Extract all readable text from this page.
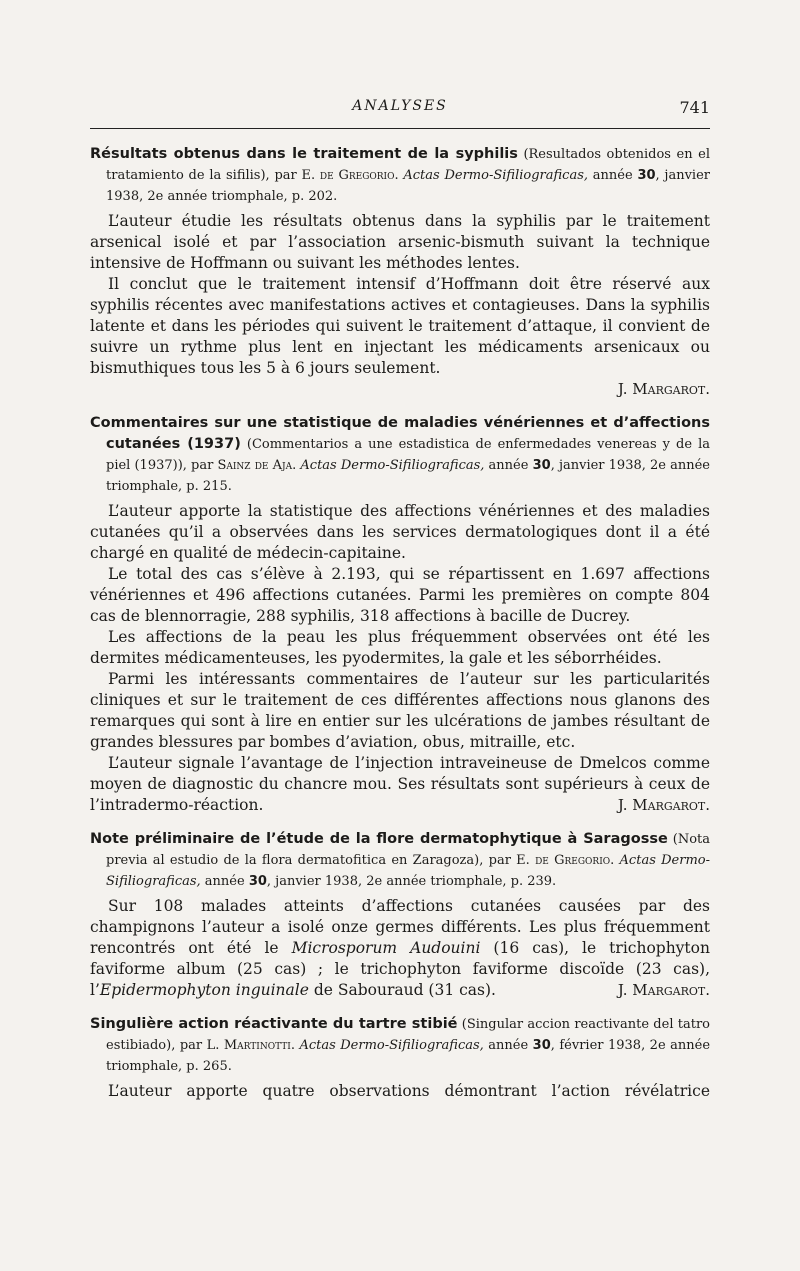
ANALYSES	741

Résultats obtenus dans le traitement de la syphilis (Resultados obtenidos en el tratamiento de la sifilis), par E. de Gregorio. Actas Dermo-Sifiliograficas, année 30, janvier 1938, 2e année triomphale, p. 202.

L’auteur étudie les résultats obtenus dans la syphilis par le traitement arsenical isolé et par l’association arsenic-bismuth suivant la technique intensive de Hoffmann ou suivant les méthodes lentes.

Il conclut que le traitement intensif d’Hoffmann doit être réservé aux syphilis récentes avec manifestations actives et contagieuses. Dans la syphilis latente et dans les périodes qui suivent le traitement d’attaque, il convient de suivre un rythme plus lent en injectant les médicaments arsenicaux ou bismuthiques tous les 5 à 6 jours seulement.

J. Margarot.

Commentaires sur une statistique de maladies vénériennes et d’affections cutanées (1937) (Commentarios a une estadistica de enfermedades venereas y de la piel (1937)), par Sainz de Aja. Actas Dermo-Sifiliograficas, année 30, janvier 1938, 2e année triomphale, p. 215.

L’auteur apporte la statistique des affections vénériennes et des maladies cutanées qu’il a observées dans les services dermatologiques dont il a été chargé en qualité de médecin-capitaine.

Le total des cas s’élève à 2.193, qui se répartissent en 1.697 affections vénériennes et 496 affections cutanées. Parmi les premières on compte 804 cas de blennorragie, 288 syphilis, 318 affections à bacille de Ducrey.

Les affections de la peau les plus fréquemment observées ont été les dermites médicamenteuses, les pyodermites, la gale et les séborrhéides.

Parmi les intéressants commentaires de l’auteur sur les particularités cliniques et sur le traitement de ces différentes affections nous glanons des remarques qui sont à lire en entier sur les ulcérations de jambes résultant de grandes blessures par bombes d’aviation, obus, mitraille, etc.

L’auteur signale l’avantage de l’injection intraveineuse de Dmelcos comme moyen de diagnostic du chancre mou. Ses résultats sont supérieurs à ceux de l’intradermo-réaction.	J. Margarot.

Note préliminaire de l’étude de la flore dermatophytique à Saragosse (Nota previa al estudio de la flora dermatofitica en Zaragoza), par E. de Gregorio. Actas Dermo-Sifiliograficas, année 30, janvier 1938, 2e année triomphale, p. 239.

Sur 108 malades atteints d’affections cutanées causées par des champignons l’auteur a isolé onze germes différents. Les plus fréquemment rencontrés ont été le Microsporum Audouini (16 cas), le trichophyton faviforme album (25 cas) ; le trichophyton faviforme discoïde (23 cas), l’Epidermophyton inguinale de Sabouraud (31 cas).	J. Margarot.

Singulière action réactivante du tartre stibié (Singular accion reactivante del tatro estibiado), par L. Martinotti. Actas Dermo-Sifiliograficas, année 30, février 1938, 2e année triomphale, p. 265.

L’auteur apporte quatre observations démontrant l’action révélatrice
